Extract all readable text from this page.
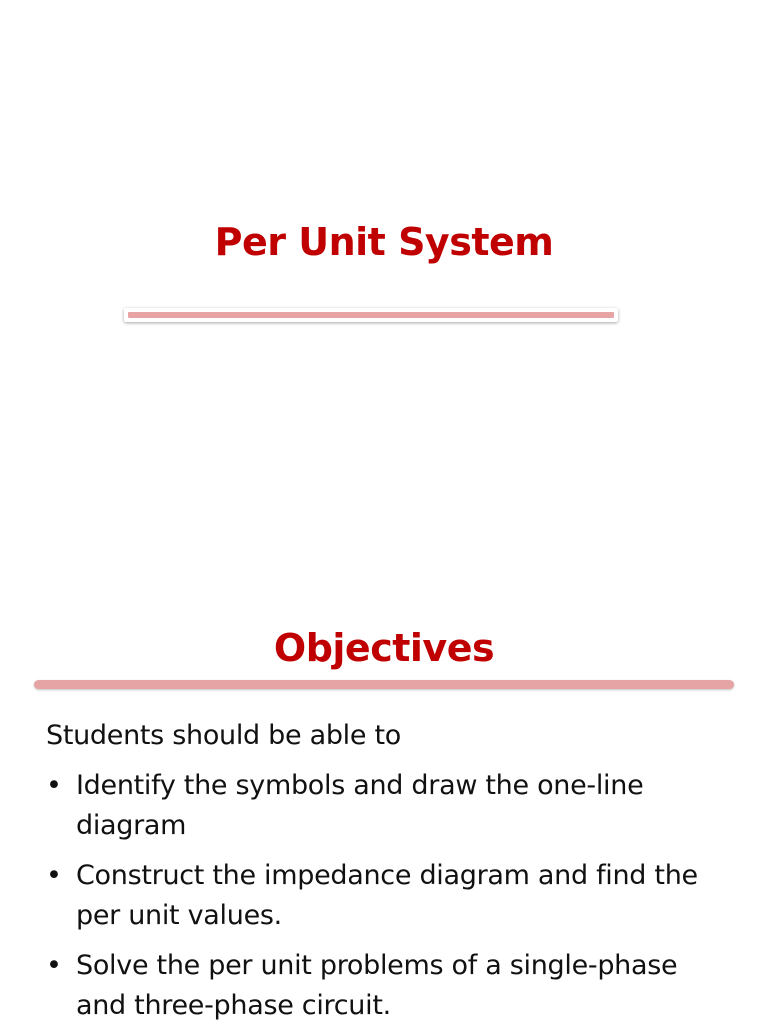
Per Unit System
Objectives

Students should be able to

• Identify the symbols and draw the one-line diagram
• Construct the impedance diagram and find the per unit values.
• Solve the per unit problems of a single-phase and three-phase circuit.
